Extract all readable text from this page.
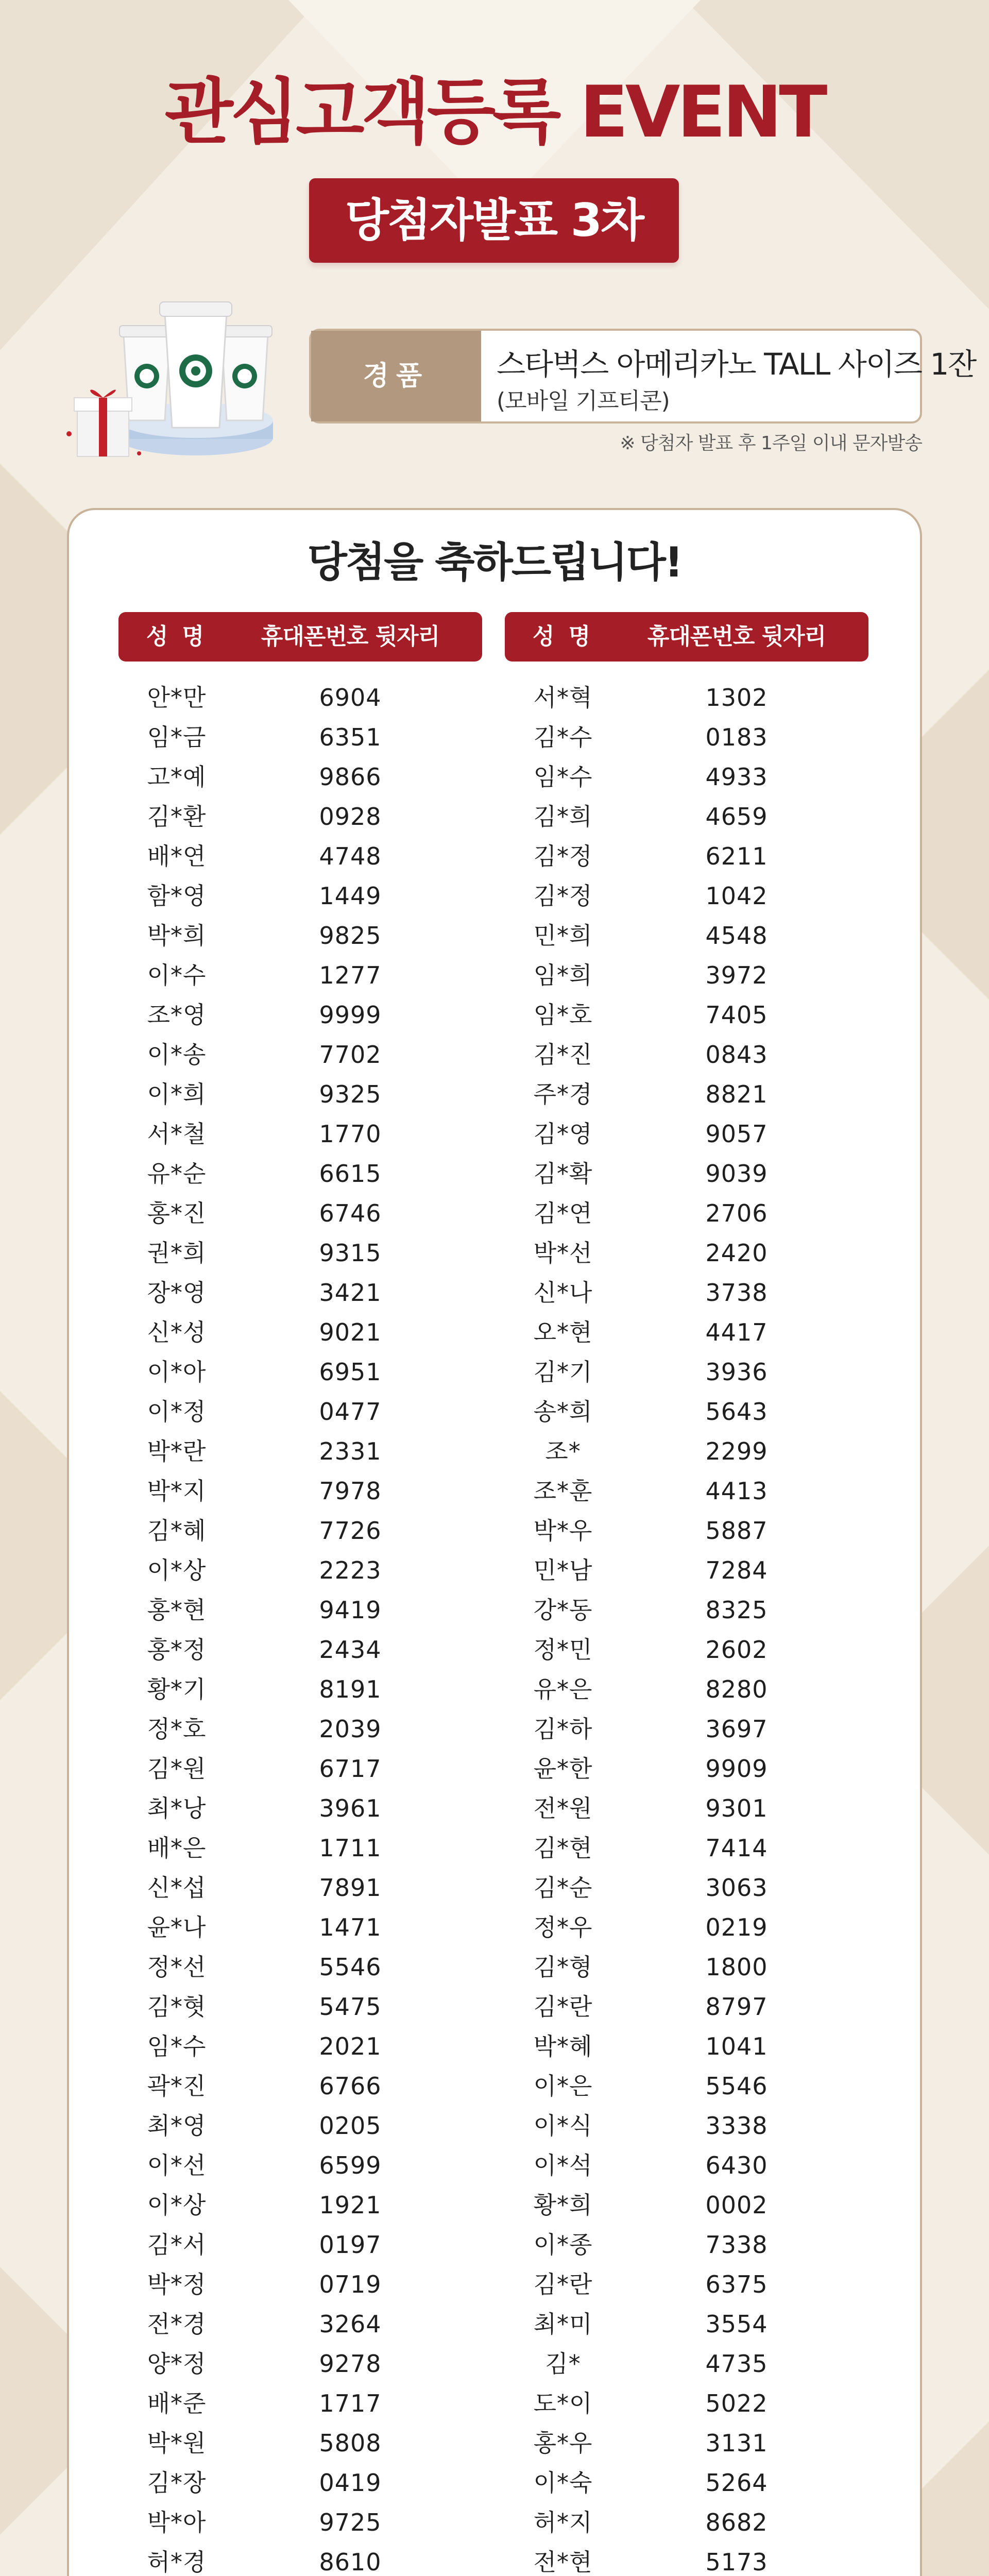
관심고객등록 EVENT
당첨자발표 3차
경품	스타벅스 아메리카노 TALL 사이즈 1잔
(모바일 기프티콘)
※ 당첨자 발표 후 1주일 이내 문자발송
당첨을 축하드립니다!
성 명	휴대폰번호 뒷자리
안*만	6904
임*금	6351
고*예	9866
김*환	0928
배*연	4748
함*영	1449
박*희	9825
이*수	1277
조*영	9999
이*송	7702
이*희	9325
서*철	1770
유*순	6615
홍*진	6746
권*희	9315
장*영	3421
신*성	9021
이*아	6951
이*정	0477
박*란	2331
박*지	7978
김*혜	7726
이*상	2223
홍*현	9419
홍*정	2434
황*기	8191
정*호	2039
김*원	6717
최*낭	3961
배*은	1711
신*섭	7891
윤*나	1471
정*선	5546
김*혓	5475
임*수	2021
곽*진	6766
최*영	0205
이*선	6599
이*상	1921
김*서	0197
박*정	0719
전*경	3264
양*정	9278
배*준	1717
박*원	5808
김*장	0419
박*아	9725
허*경	8610
성 명	휴대폰번호 뒷자리
서*혁	1302
김*수	0183
임*수	4933
김*희	4659
김*정	6211
김*정	1042
민*희	4548
임*희	3972
임*호	7405
김*진	0843
주*경	8821
김*영	9057
김*확	9039
김*연	2706
박*선	2420
신*나	3738
오*현	4417
김*기	3936
송*희	5643
조*	2299
조*훈	4413
박*우	5887
민*남	7284
강*동	8325
정*민	2602
유*은	8280
김*하	3697
윤*한	9909
전*원	9301
김*현	7414
김*순	3063
정*우	0219
김*형	1800
김*란	8797
박*혜	1041
이*은	5546
이*식	3338
이*석	6430
황*희	0002
이*종	7338
김*란	6375
최*미	3554
김*	4735
도*이	5022
홍*우	3131
이*숙	5264
허*지	8682
전*현	5173
